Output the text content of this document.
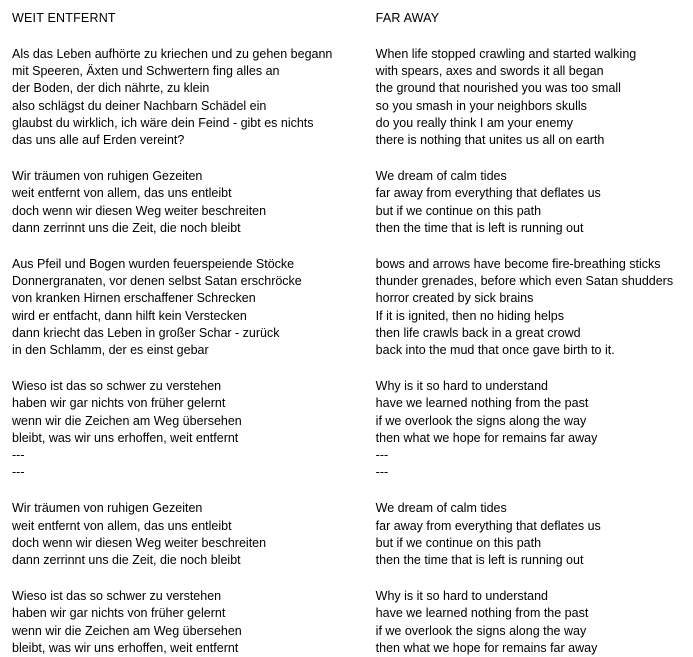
WEIT ENTFERNT
Als das Leben aufhörte zu kriechen und zu gehen begann
mit Speeren, Äxten und Schwertern fing alles an
der Boden, der dich nährte, zu klein
also schlägst du deiner Nachbarn Schädel ein
glaubst du wirklich, ich wäre dein Feind - gibt es nichts
das uns alle auf Erden vereint?
Wir träumen von ruhigen Gezeiten
weit entfernt von allem, das uns entleibt
doch wenn wir diesen Weg weiter beschreiten
dann zerrinnt uns die Zeit, die noch bleibt
Aus Pfeil und Bogen wurden feuerspeiende Stöcke
Donnergranaten, vor denen selbst Satan erschröcke
von kranken Hirnen erschaffener Schrecken
wird er entfacht, dann hilft kein Verstecken
dann kriecht das Leben in großer Schar - zurück
in den Schlamm, der es einst gebar
Wieso ist das so schwer zu verstehen
haben wir gar nichts von früher gelernt
wenn wir die Zeichen am Weg übersehen
bleibt, was wir uns erhoffen, weit entfernt
---
---
Wir träumen von ruhigen Gezeiten
weit entfernt von allem, das uns entleibt
doch wenn wir diesen Weg weiter beschreiten
dann zerrinnt uns die Zeit, die noch bleibt
Wieso ist das so schwer zu verstehen
haben wir gar nichts von früher gelernt
wenn wir die Zeichen am Weg übersehen
bleibt, was wir uns erhoffen, weit entfernt
FAR AWAY
When life stopped crawling and started walking
with spears, axes and swords it all began
the ground that nourished you was too small
so you smash in your neighbors skulls
do you really think I am your enemy
there is nothing that unites us all on earth
We dream of calm tides
far away from everything that deflates us
but if we continue on this path
then the time that is left is running out
bows and arrows have become fire-breathing sticks
thunder grenades, before which even Satan shudders
horror created by sick brains
If it is ignited, then no hiding helps
then life crawls back in a great crowd
back into the mud that once gave birth to it.
Why is it so hard to understand
have we learned nothing from the past
if we overlook the signs along the way
then what we hope for remains far away
---
---
We dream of calm tides
far away from everything that deflates us
but if we continue on this path
then the time that is left is running out
Why is it so hard to understand
have we learned nothing from the past
if we overlook the signs along the way
then what we hope for remains far away
